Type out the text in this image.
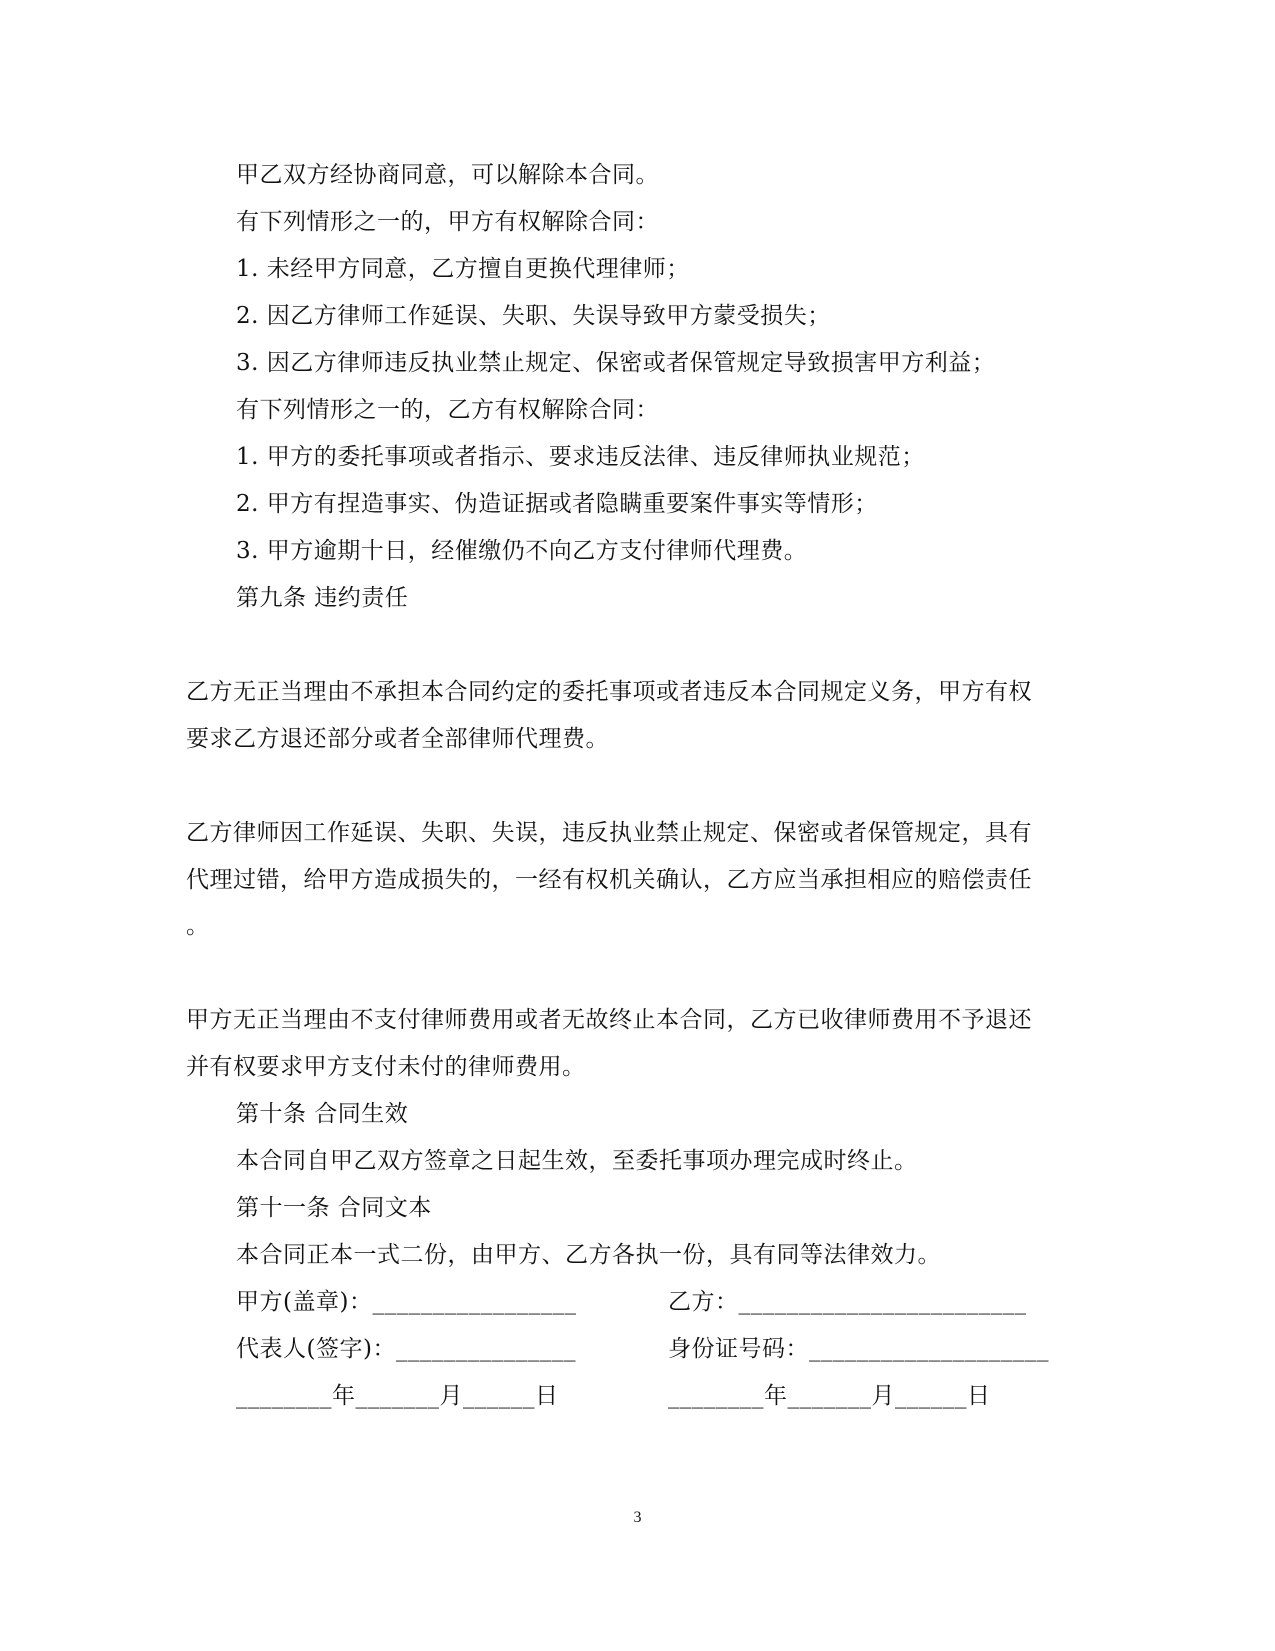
甲乙双方经协商同意，可以解除本合同。
有下列情形之一的，甲方有权解除合同：
1. 未经甲方同意，乙方擅自更换代理律师；
2. 因乙方律师工作延误、失职、失误导致甲方蒙受损失；
3. 因乙方律师违反执业禁止规定、保密或者保管规定导致损害甲方利益；
有下列情形之一的，乙方有权解除合同：
1. 甲方的委托事项或者指示、要求违反法律、违反律师执业规范；
2. 甲方有捏造事实、伪造证据或者隐瞒重要案件事实等情形；
3. 甲方逾期十日，经催缴仍不向乙方支付律师代理费。
第九条 违约责任
乙方无正当理由不承担本合同约定的委托事项或者违反本合同规定义务，甲方有权
要求乙方退还部分或者全部律师代理费。
乙方律师因工作延误、失职、失误，违反执业禁止规定、保密或者保管规定，具有
代理过错，给甲方造成损失的，一经有权机关确认，乙方应当承担相应的赔偿责任
。
甲方无正当理由不支付律师费用或者无故终止本合同，乙方已收律师费用不予退还
并有权要求甲方支付未付的律师费用。
第十条 合同生效
本合同自甲乙双方签章之日起生效，至委托事项办理完成时终止。
第十一条 合同文本
本合同正本一式二份，由甲方、乙方各执一份，具有同等法律效力。
甲方(盖章)：_________________	乙方：________________________
代表人(签字)：_______________	身份证号码：____________________
________年_______月______日	________年_______月______日
3
